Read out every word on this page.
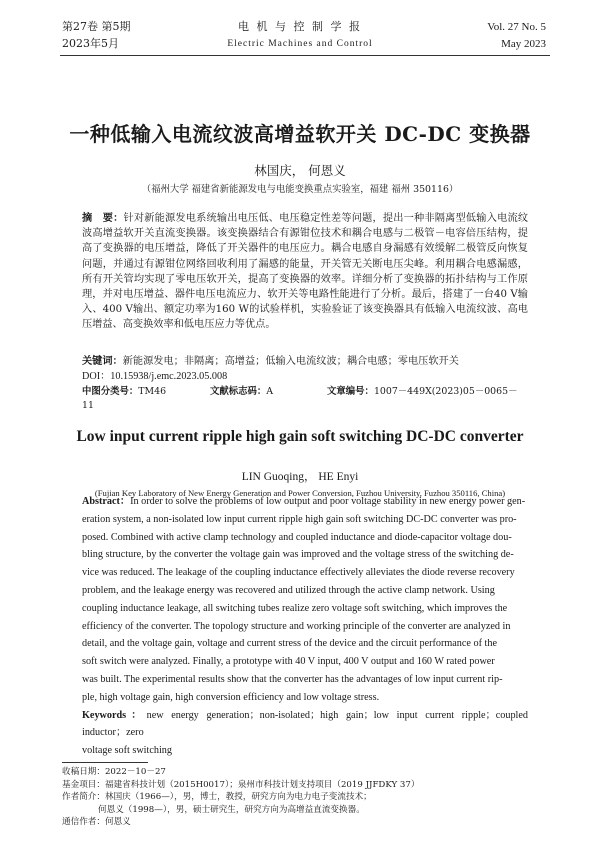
第27卷 第5期
2023年5月
电 机 与 控 制 学 报
Electric Machines and Control
Vol. 27 No. 5
May 2023
一种低输入电流纹波高增益软开关 DC-DC 变换器
林国庆， 何恩义
（福州大学 福建省新能源发电与电能变换重点实验室，福建 福州 350116）
摘　要：针对新能源发电系统输出电压低、电压稳定性差等问题，提出一种非隔离型低输入电流纹波高增益软开关直流变换器。该变换器结合有源钳位技术和耦合电感与二极管－电容倍压结构，提高了变换器的电压增益，降低了开关器件的电压应力。耦合电感自身漏感有效缓解二极管反向恢复问题，并通过有源钳位网络回收利用了漏感的能量，开关管无关断电压尖峰。利用耦合电感漏感，所有开关管均实现了零电压软开关，提高了变换器的效率。详细分析了变换器的拓扑结构与工作原理，并对电压增益、器件电压电流应力、软开关等电路性能进行了分析。最后，搭建了一台40 V输入、400 V输出、额定功率为160 W的试验样机，实验验证了该变换器具有低输入电流纹波、高电压增益、高变换效率和低电压应力等优点。
关键词：新能源发电；非隔离；高增益；低输入电流纹波；耦合电感；零电压软开关
DOI：10.15938/j.emc.2023.05.008
中图分类号：TM46	文献标志码：A	文章编号：1007－449X(2023)05－0065－11
Low input current ripple high gain soft switching DC-DC converter
LIN Guoqing， HE Enyi
(Fujian Key Laboratory of New Energy Generation and Power Conversion, Fuzhou University, Fuzhou 350116, China)
Abstract：In order to solve the problems of low output and poor voltage stability in new energy power gen-
eration system, a non-isolated low input current ripple high gain soft switching DC-DC converter was pro-
posed. Combined with active clamp technology and coupled inductance and diode-capacitor voltage dou-
bling structure, by the converter the voltage gain was improved and the voltage stress of the switching de-
vice was reduced. The leakage of the coupling inductance effectively alleviates the diode reverse recovery
problem, and the leakage energy was recovered and utilized through the active clamp network. Using
coupling inductance leakage, all switching tubes realize zero voltage soft switching, which improves the
efficiency of the converter. The topology structure and working principle of the converter are analyzed in
detail, and the voltage gain, voltage and current stress of the device and the circuit performance of the
soft switch were analyzed. Finally, a prototype with 40 V input, 400 V output and 160 W rated power
was built. The experimental results show that the converter has the advantages of low input current rip-
ple, high voltage gain, high conversion efficiency and low voltage stress.
Keywords：new energy generation；non-isolated；high gain；low input current ripple；coupled inductor；zero
voltage soft switching
收稿日期：2022－10－27
基金项目：福建省科技计划（2015H0017）；泉州市科技计划支持项目（2019 JJFDKY 37）
作者简介：林国庆（1966—），男，博士，教授，研究方向为电力电子变流技术；
何恩义（1998—），男，硕士研究生，研究方向为高增益直流变换器。
通信作者：何恩义
